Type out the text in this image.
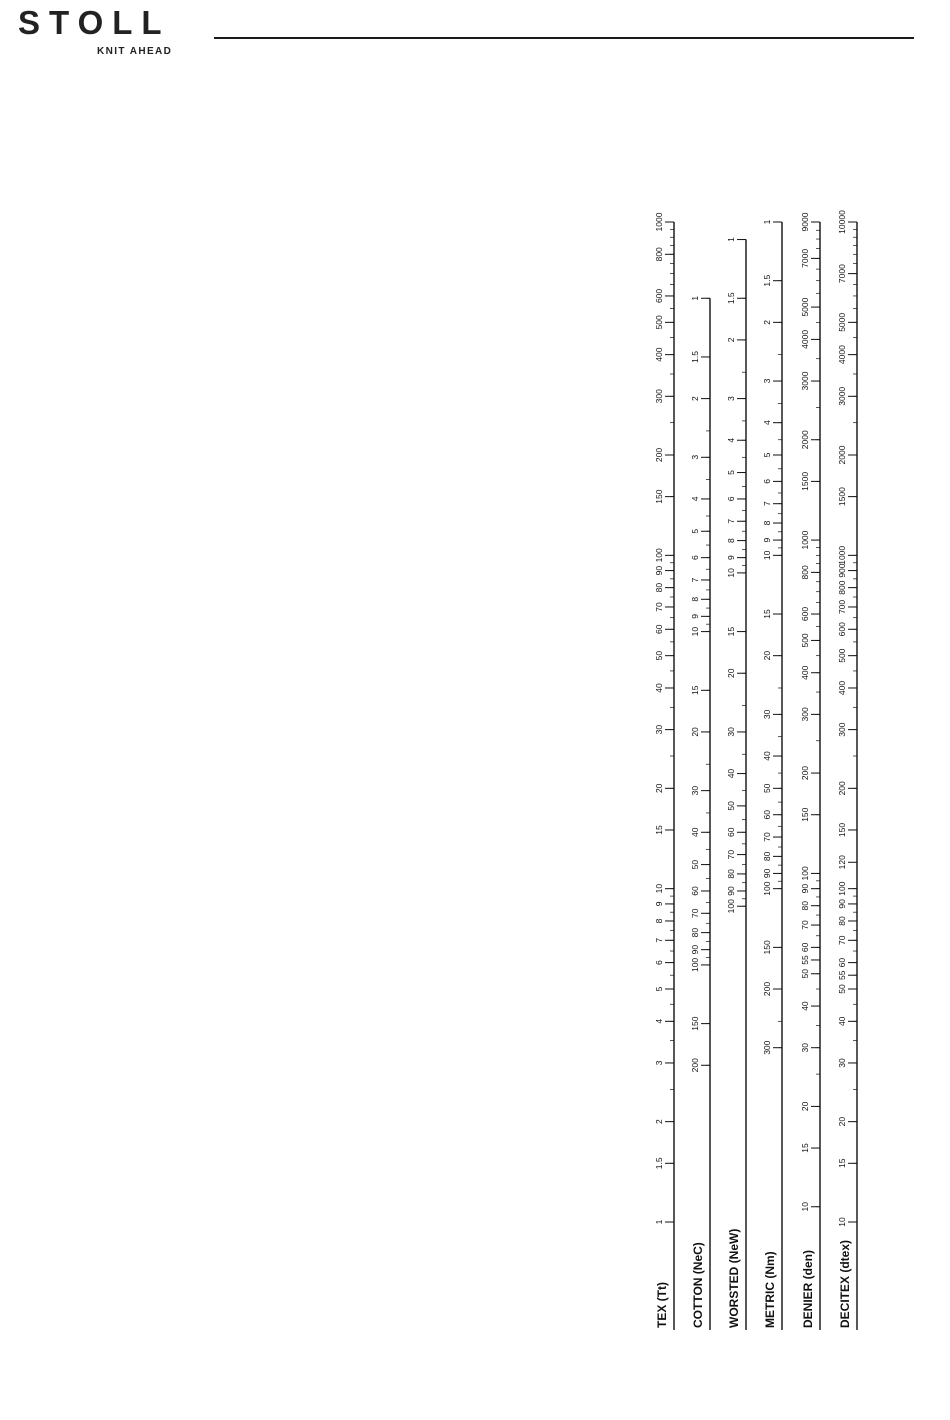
STOLL
KNIT AHEAD
1
1.5
2
3
4
5
6
7
8
9
10
15
20
30
40
50
60
70
80
90
100
150
200
300
400
500
600
800
1000
TEX (Tt)
200
150
100
90
80
70
60
50
40
30
20
15
10
9
8
7
6
5
4
3
2
1.5
1
COTTON (NeC)
100
90
80
70
60
50
40
30
20
15
10
9
8
7
6
5
4
3
2
1.5
1
WORSTED (NeW)
300
200
150
100
90
80
70
60
50
40
30
20
15
10
9
8
7
6
5
4
3
2
1.5
1
METRIC (Nm)
10
15
20
30
40
50
55
60
70
80
90
100
150
200
300
400
500
600
800
1000
1500
2000
3000
4000
5000
7000
9000
DENIER (den)
10
15
20
30
40
50
55
60
70
80
90
100
120
150
200
300
400
500
600
700
800
900
1000
1500
2000
3000
4000
5000
7000
10000
DECITEX (dtex)
